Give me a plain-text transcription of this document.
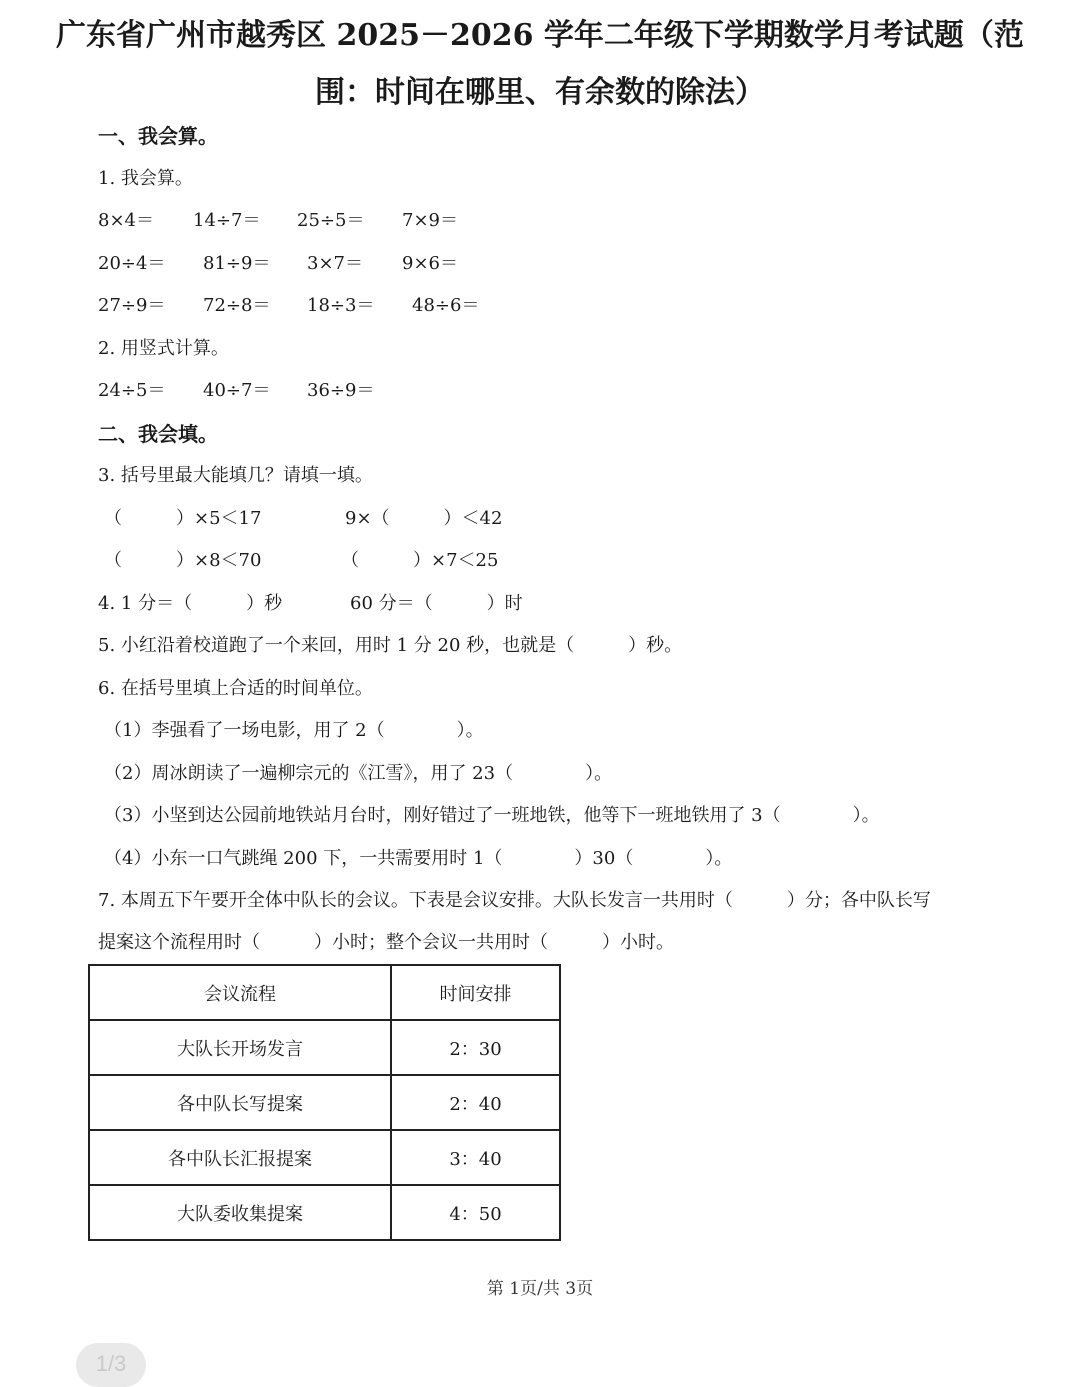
广东省广州市越秀区 2025－2026 学年二年级下学期数学月考试题（范
围：时间在哪里、有余数的除法）
一、我会算。
1. 我会算。
8×4＝ 14÷7＝ 25÷5＝ 7×9＝
20÷4＝ 81÷9＝ 3×7＝ 9×6＝
27÷9＝ 72÷8＝ 18÷3＝ 48÷6＝
2. 用竖式计算。
24÷5＝ 40÷7＝ 36÷9＝
二、我会填。
3. 括号里最大能填几？请填一填。
（　　　）×5＜17	9×（　　　）＜42
（　　　）×8＜70	（　　　）×7＜25
4. 1 分＝（　　　）秒	60 分＝（　　　）时
5. 小红沿着校道跑了一个来回，用时 1 分 20 秒，也就是（　　　）秒。
6. 在括号里填上合适的时间单位。
（1）李强看了一场电影，用了 2（　　　　）。
（2）周冰朗读了一遍柳宗元的《江雪》，用了 23（　　　　）。
（3）小坚到达公园前地铁站月台时，刚好错过了一班地铁，他等下一班地铁用了 3（　　　　）。
（4）小东一口气跳绳 200 下，一共需要用时 1（　　　　）30（　　　　）。
7. 本周五下午要开全体中队长的会议。下表是会议安排。大队长发言一共用时（　　　）分；各中队长写
提案这个流程用时（　　　）小时；整个会议一共用时（　　　）小时。
会议流程	时间安排
大队长开场发言	2：30
各中队长写提案	2：40
各中队长汇报提案	3：40
大队委收集提案	4：50
第 1页/共 3页
1/3
